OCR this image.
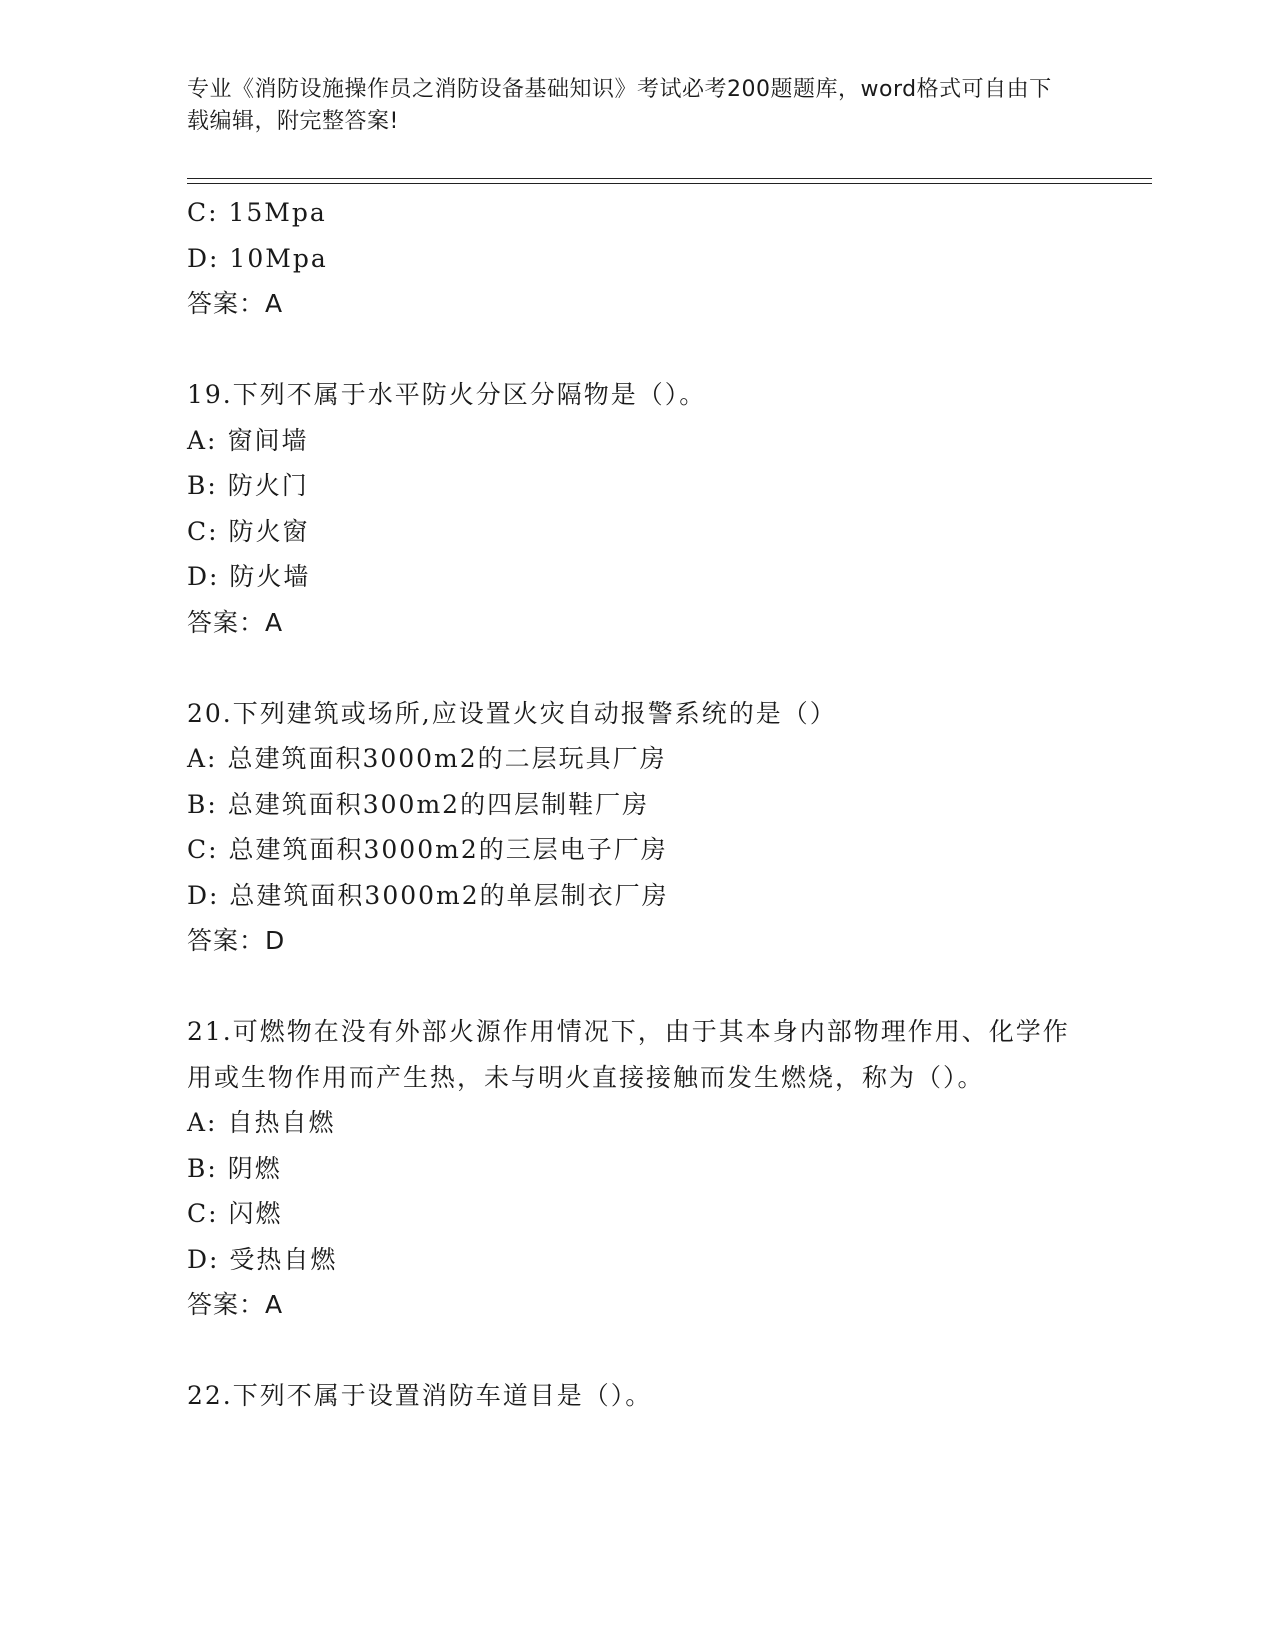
专业《消防设施操作员之消防设备基础知识》考试必考200题题库，word格式可自由下载编辑，附完整答案!
C: 15Mpa
D: 10Mpa
答案：A
19.下列不属于水平防火分区分隔物是（）。
A: 窗间墙
B: 防火门
C: 防火窗
D: 防火墙
答案：A
20.下列建筑或场所,应设置火灾自动报警系统的是（）
A: 总建筑面积3000m2的二层玩具厂房
B: 总建筑面积300m2的四层制鞋厂房
C: 总建筑面积3000m2的三层电子厂房
D: 总建筑面积3000m2的单层制衣厂房
答案：D
21.可燃物在没有外部火源作用情况下，由于其本身内部物理作用、化学作用或生物作用而产生热，未与明火直接接触而发生燃烧，称为（）。
A: 自热自燃
B: 阴燃
C: 闪燃
D: 受热自燃
答案：A
22.下列不属于设置消防车道目是（）。
